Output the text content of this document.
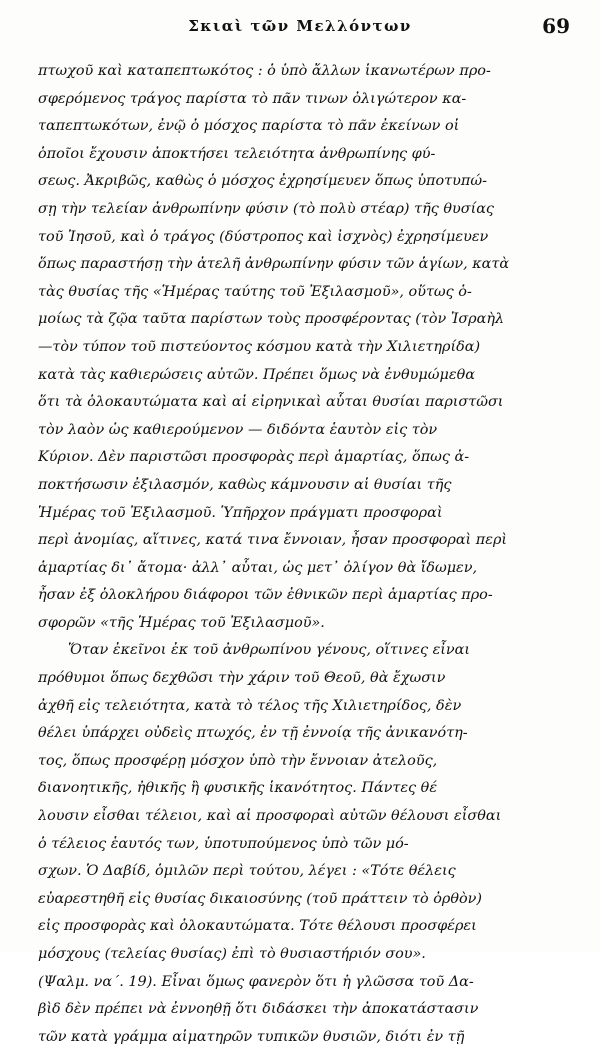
Σκιαὶ τῶν Μελλόντων	69
πτωχοῦ καὶ καταπεπτωκότος : ὁ ὑπὸ ἄλλων ἱκανωτέρων προ-
σφερόμενος τράγος παρίστα τὸ πᾶν τινων ὀλιγώτερον κα-
ταπεπτωκότων, ἐνῷ ὁ μόσχος παρίστα τὸ πᾶν ἐκείνων οἱ
ὁποῖοι ἔχουσιν ἀποκτήσει τελειότητα ἀνθρωπίνης φύ-
σεως. Ἀκριβῶς, καθὼς ὁ μόσχος ἐχρησίμευεν ὅπως ὑποτυπώ-
σῃ τὴν τελείαν ἀνθρωπίνην φύσιν (τὸ πολὺ στέαρ) τῆς θυσίας
τοῦ Ἰησοῦ, καὶ ὁ τράγος (δύστροπος καὶ ἰσχνὸς) ἐχρησίμευεν
ὅπως παραστήσῃ τὴν ἀτελῆ ἀνθρωπίνην φύσιν τῶν ἁγίων, κατὰ
τὰς θυσίας τῆς «Ἡμέρας ταύτης τοῦ Ἐξιλασμοῦ», οὕτως ὁ-
μοίως τὰ ζῷα ταῦτα παρίστων τοὺς προσφέροντας (τὸν Ἰσραὴλ
—τὸν τύπον τοῦ πιστεύοντος κόσμου κατὰ τὴν Χιλιετηρίδα)
κατὰ τὰς καθιερώσεις αὐτῶν. Πρέπει ὅμως νὰ ἐνθυμώμεθα
ὅτι τὰ ὁλοκαυτώματα καὶ αἱ εἰρηνικαὶ αὗται θυσίαι παριστῶσι
τὸν λαὸν ὡς καθιερούμενον — διδόντα ἑαυτὸν εἰς τὸν
Κύριον. Δὲν παριστῶσι προσφορὰς περὶ ἁμαρτίας, ὅπως ἀ-
ποκτήσωσιν ἐξιλασμόν, καθὼς κάμνουσιν αἱ θυσίαι τῆς
Ἡμέρας τοῦ Ἐξιλασμοῦ. Ὑπῆρχον πράγματι προσφοραὶ
περὶ ἀνομίας, αἵτινες, κατά τινα ἔννοιαν, ἦσαν προσφοραὶ περὶ
ἁμαρτίας δι᾽ ἄτομα· ἀλλ᾽ αὗται, ὡς μετ᾽ ὀλίγον θὰ ἴδωμεν,
ἦσαν ἐξ ὁλοκλήρου διάφοροι τῶν ἐθνικῶν περὶ ἁμαρτίας προ-
σφορῶν «τῆς Ἡμέρας τοῦ Ἐξιλασμοῦ».
Ὅταν ἐκεῖνοι ἐκ τοῦ ἀνθρωπίνου γένους, οἵτινες εἶναι
πρόθυμοι ὅπως δεχθῶσι τὴν χάριν τοῦ Θεοῦ, θὰ ἔχωσιν
ἀχθῆ εἰς τελειότητα, κατὰ τὸ τέλος τῆς Χιλιετηρίδος, δὲν
θέλει ὑπάρχει οὐδεὶς πτωχός, ἐν τῇ ἐννοίᾳ τῆς ἀνικανότη-
τος, ὅπως προσφέρῃ μόσχον ὑπὸ τὴν ἔννοιαν ἀτελοῦς,
διανοητικῆς, ἠθικῆς ἢ φυσικῆς ἱκανότητος. Πάντες θέ
λουσιν εἶσθαι τέλειοι, καὶ αἱ προσφοραὶ αὐτῶν θέλουσι εἶσθαι
ὁ τέλειος ἑαυτός των, ὑποτυπούμενος ὑπὸ τῶν μό-
σχων. Ὁ Δαβίδ, ὁμιλῶν περὶ τούτου, λέγει : «Τότε θέλεις
εὐαρεστηθῆ εἰς θυσίας δικαιοσύνης (τοῦ πράττειν τὸ ὀρθὸν)
εἰς προσφορὰς καὶ ὁλοκαυτώματα. Τότε θέλουσι προσφέρει
μόσχους (τελείας θυσίας) ἐπὶ τὸ θυσιαστήριόν σου».
(Ψαλμ. να΄. 19). Εἶναι ὅμως φανερὸν ὅτι ἡ γλῶσσα τοῦ Δα-
βὶδ δὲν πρέπει νὰ ἐννοηθῇ ὅτι διδάσκει τὴν ἀποκατάστασιν
τῶν κατὰ γράμμα αἱματηρῶν τυπικῶν θυσιῶν, διότι ἐν τῇ
